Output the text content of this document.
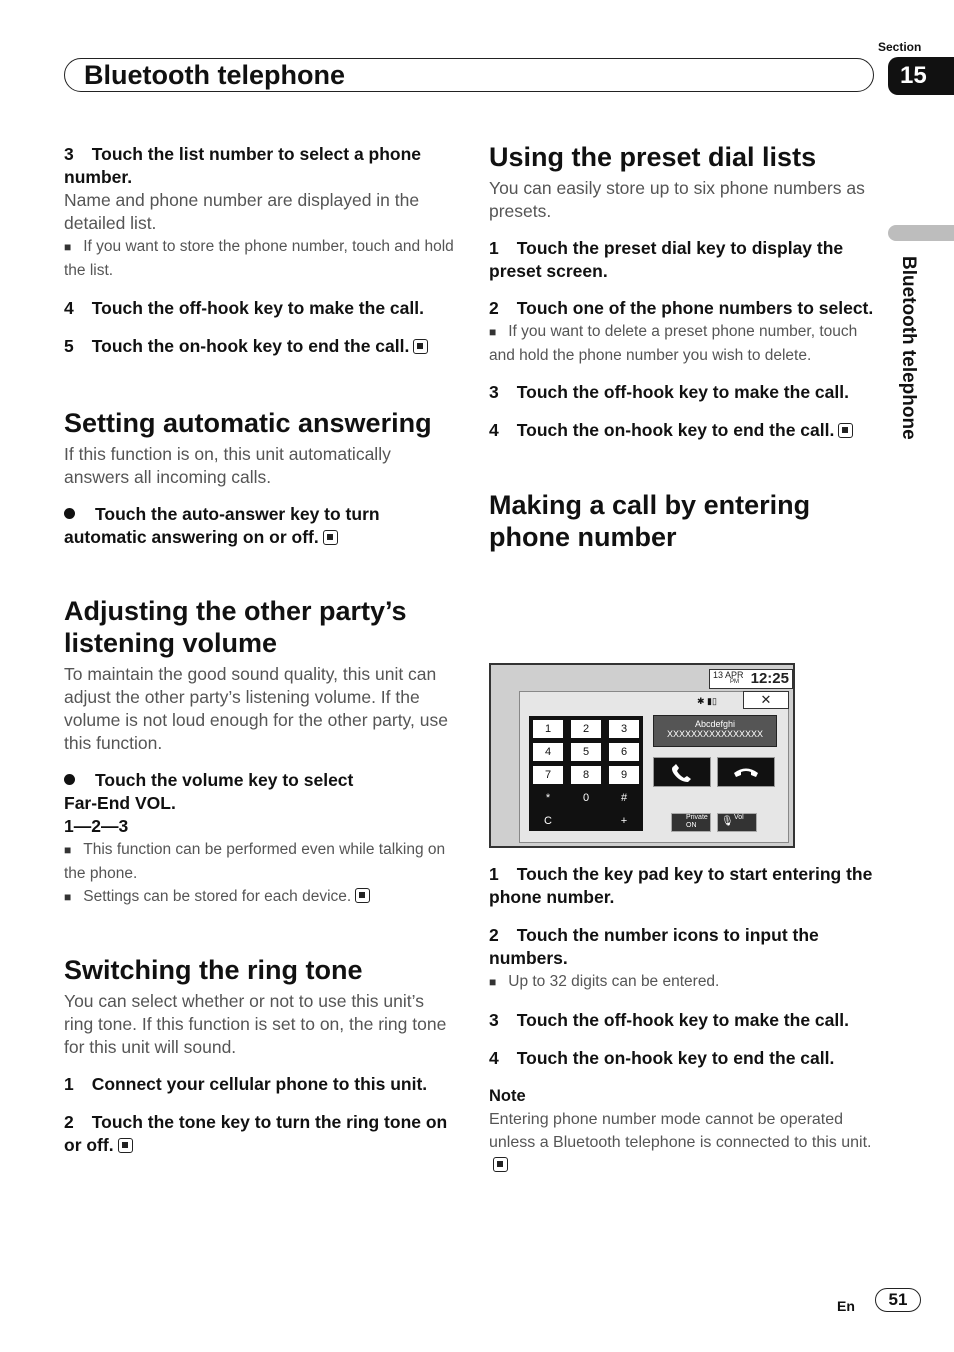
Bluetooth telephone
Section
15
Bluetooth telephone

3 Touch the list number to select a phone number.

Name and phone number are displayed in the detailed list.

■ If you want to store the phone number, touch and hold the list.

4 Touch the off-hook key to make the call.

5 Touch the on-hook key to end the call.

Setting automatic answering

If this function is on, this unit automatically answers all incoming calls.

Touch the auto-answer key to turn automatic answering on or off.

Adjusting the other party’s listening volume

To maintain the good sound quality, this unit can adjust the other party’s listening volume. If the volume is not loud enough for the other party, use this function.

Touch the volume key to select

Far-End VOL.

1—2—3

■ This function can be performed even while talking on the phone.

■ Settings can be stored for each device.

Switching the ring tone

You can select whether or not to use this unit’s ring tone. If this function is set to on, the ring tone for this unit will sound.

1 Connect your cellular phone to this unit.

2 Touch the tone key to turn the ring tone on or off.

Using the preset dial lists

You can easily store up to six phone numbers as presets.

1 Touch the preset dial key to display the preset screen.

2 Touch one of the phone numbers to select.

■ If you want to delete a preset phone number, touch and hold the phone number you wish to delete.

3 Touch the off-hook key to make the call.

4 Touch the on-hook key to end the call.

Making a call by entering phone number

13 APR
PM 12:25
✱ ▮▯	✕
1	2	3
4	5	6
7	8	9
*	0	#
C	+
Abcdefghi
XXXXXXXXXXXXXXXX
Private
ON 🎙 Vol

1 Touch the key pad key to start entering the phone number.

2 Touch the number icons to input the numbers.

■ Up to 32 digits can be entered.

3 Touch the off-hook key to make the call.

4 Touch the on-hook key to end the call.

Note

Entering phone number mode cannot be operated unless a Bluetooth telephone is connected to this unit.

En	51
